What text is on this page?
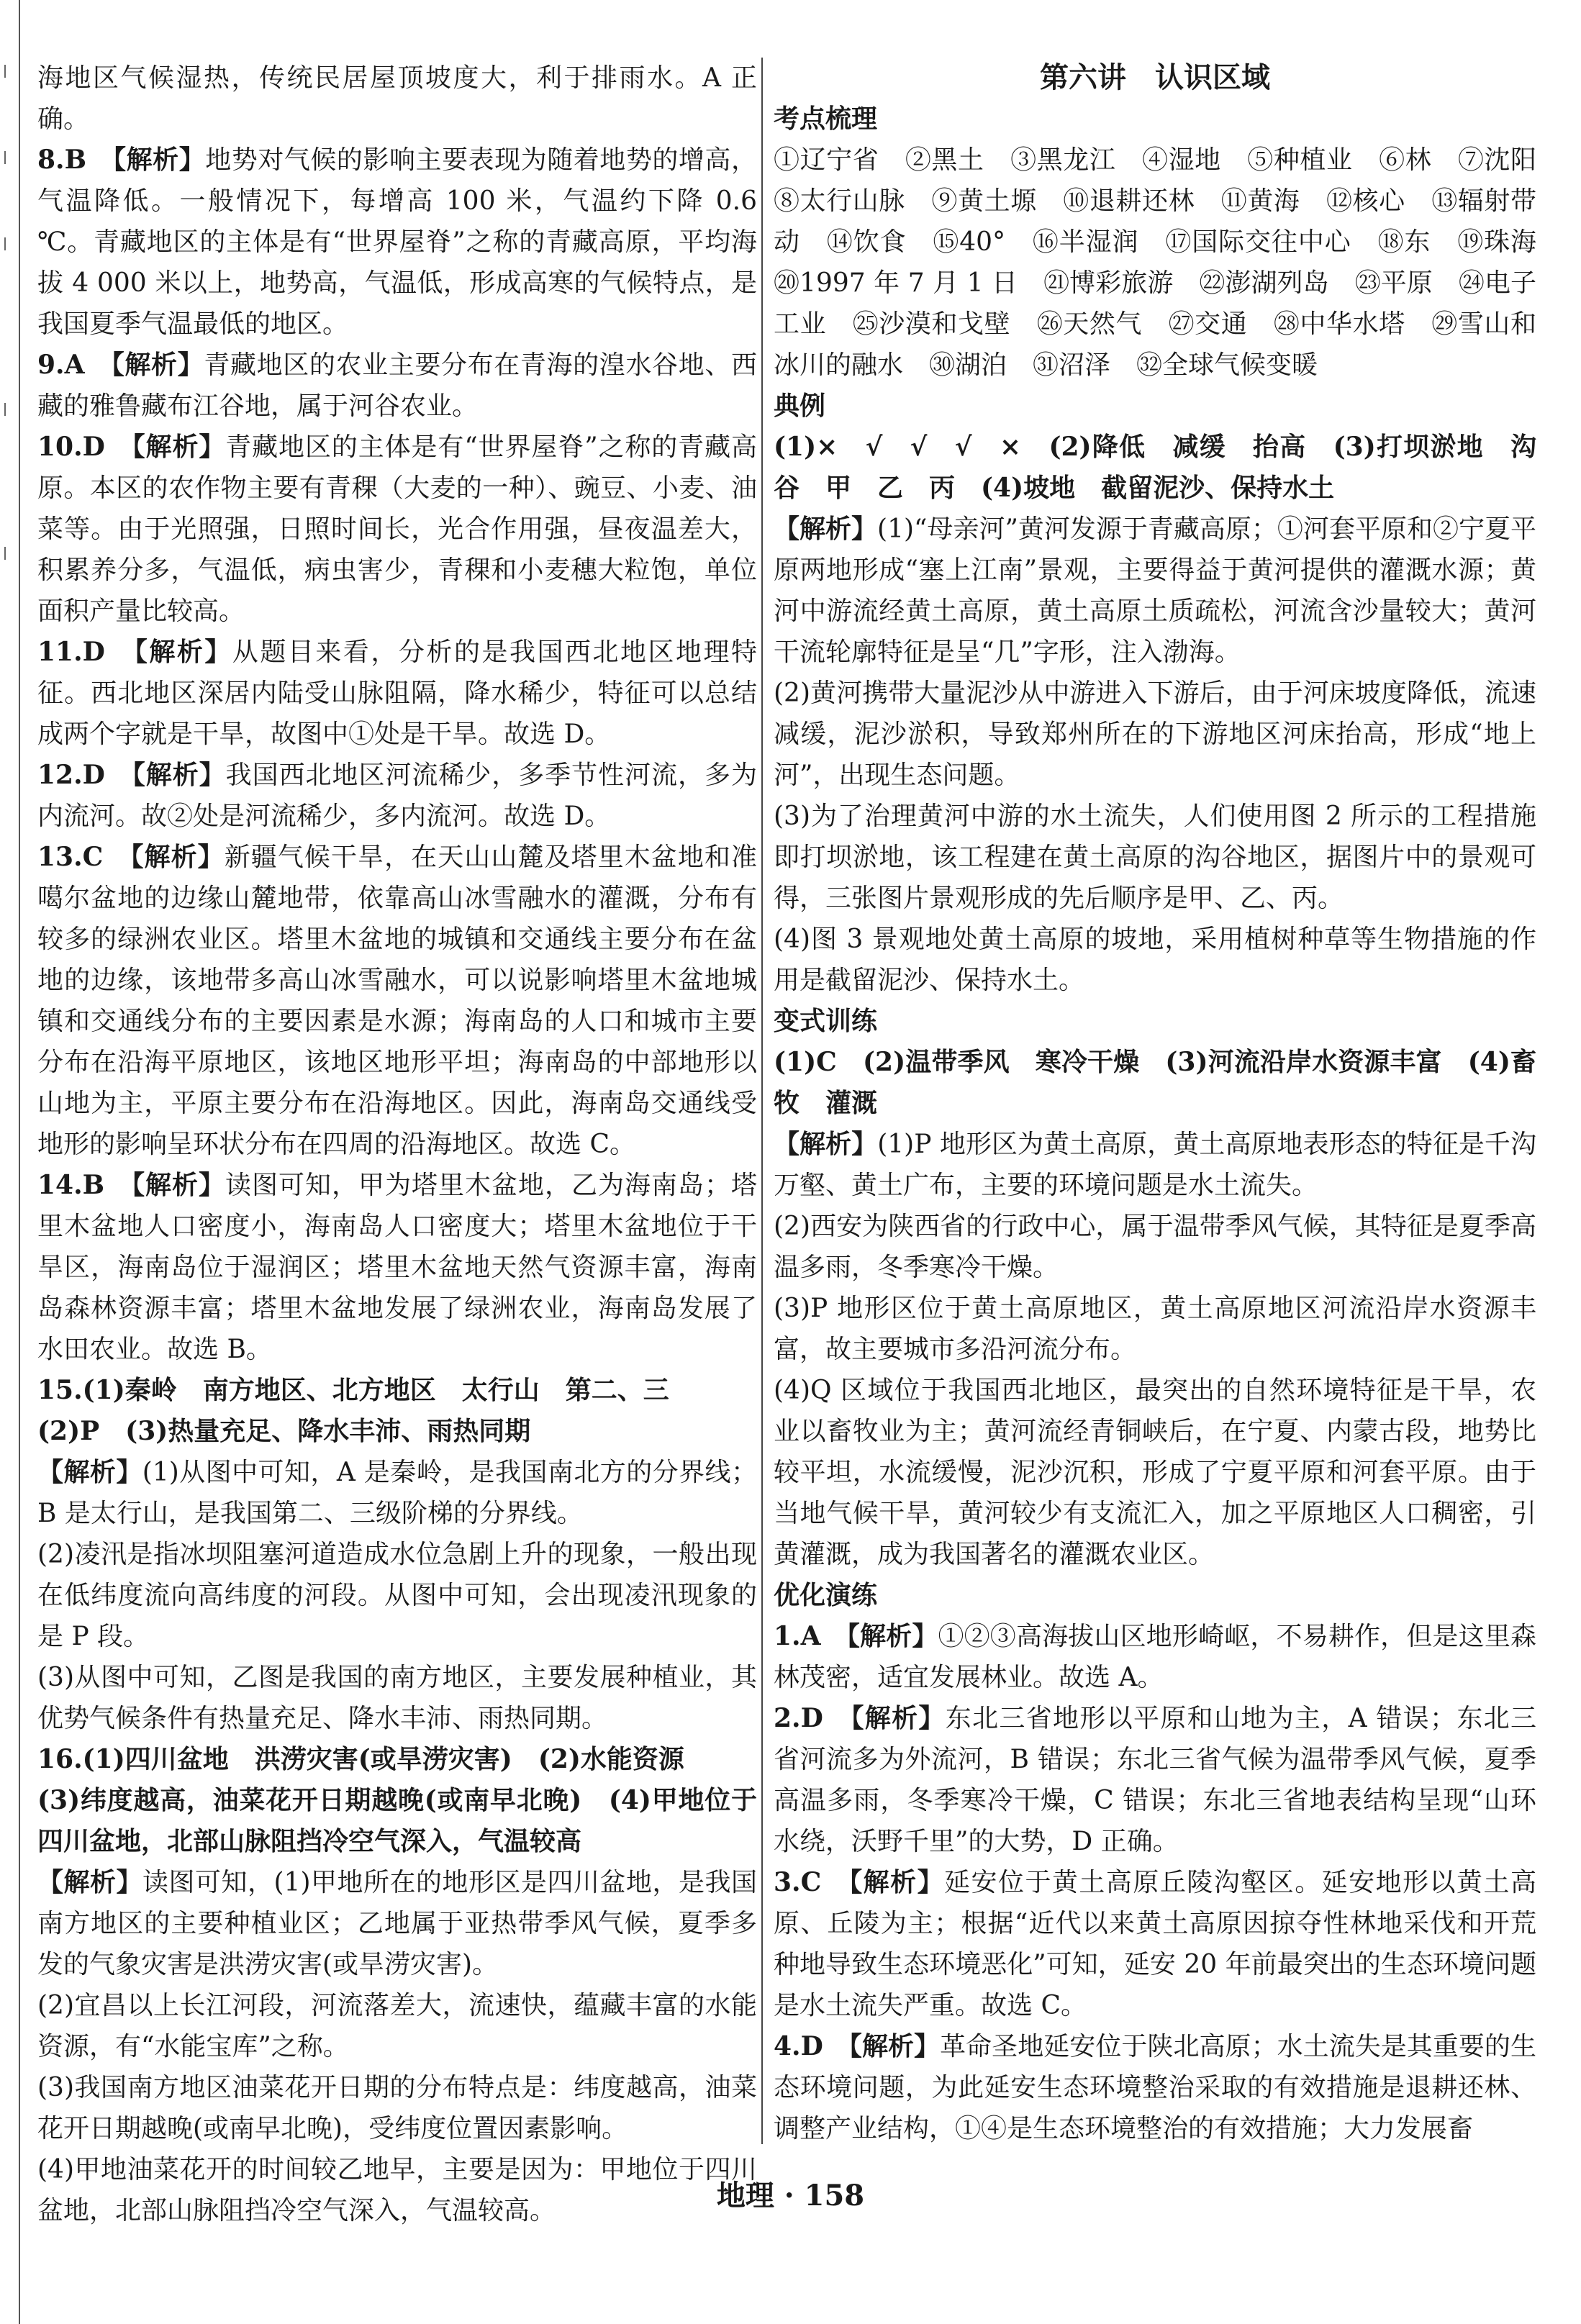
海地区气候湿热，传统民居屋顶坡度大，利于排雨水。A 正确。

8.B　 【解析】地势对气候的影响主要表现为随着地势的增高，气温降低。一般情况下，每增高 100 米，气温约下降 0.6 ℃。青藏地区的主体是有“世界屋脊”之称的青藏高原，平均海拔 4 000 米以上，地势高，气温低，形成高寒的气候特点，是我国夏季气温最低的地区。

9.A　 【解析】青藏地区的农业主要分布在青海的湟水谷地、西藏的雅鲁藏布江谷地，属于河谷农业。

10.D　 【解析】青藏地区的主体是有“世界屋脊”之称的青藏高原。本区的农作物主要有青稞（大麦的一种）、豌豆、小麦、油菜等。由于光照强，日照时间长，光合作用强，昼夜温差大，积累养分多，气温低，病虫害少，青稞和小麦穗大粒饱，单位面积产量比较高。

11.D　 【解析】从题目来看，分析的是我国西北地区地理特征。西北地区深居内陆受山脉阻隔，降水稀少，特征可以总结成两个字就是干旱，故图中①处是干旱。故选 D。

12.D　 【解析】我国西北地区河流稀少，多季节性河流，多为内流河。故②处是河流稀少，多内流河。故选 D。

13.C　 【解析】新疆气候干旱，在天山山麓及塔里木盆地和准噶尔盆地的边缘山麓地带，依靠高山冰雪融水的灌溉，分布有较多的绿洲农业区。塔里木盆地的城镇和交通线主要分布在盆地的边缘，该地带多高山冰雪融水，可以说影响塔里木盆地城镇和交通线分布的主要因素是水源；海南岛的人口和城市主要分布在沿海平原地区，该地区地形平坦；海南岛的中部地形以山地为主，平原主要分布在沿海地区。因此，海南岛交通线受地形的影响呈环状分布在四周的沿海地区。故选 C。

14.B　 【解析】读图可知，甲为塔里木盆地，乙为海南岛；塔里木盆地人口密度小，海南岛人口密度大；塔里木盆地位于干旱区，海南岛位于湿润区；塔里木盆地天然气资源丰富，海南岛森林资源丰富；塔里木盆地发展了绿洲农业，海南岛发展了水田农业。故选 B。

15.(1)秦岭　南方地区、北方地区　太行山　第二、三

(2)P　(3)热量充足、降水丰沛、雨热同期

【解析】(1)从图中可知，A 是秦岭，是我国南北方的分界线；B 是太行山，是我国第二、三级阶梯的分界线。

(2)凌汛是指冰坝阻塞河道造成水位急剧上升的现象，一般出现在低纬度流向高纬度的河段。从图中可知，会出现凌汛现象的是 P 段。

(3)从图中可知，乙图是我国的南方地区，主要发展种植业，其优势气候条件有热量充足、降水丰沛、雨热同期。

16.(1)四川盆地　洪涝灾害(或旱涝灾害)　(2)水能资源

(3)纬度越高，油菜花开日期越晚(或南早北晚)　(4)甲地位于四川盆地，北部山脉阻挡冷空气深入，气温较高

【解析】读图可知，(1)甲地所在的地形区是四川盆地，是我国南方地区的主要种植业区；乙地属于亚热带季风气候，夏季多发的气象灾害是洪涝灾害(或旱涝灾害)。

(2)宜昌以上长江河段，河流落差大，流速快，蕴藏丰富的水能资源，有“水能宝库”之称。

(3)我国南方地区油菜花开日期的分布特点是：纬度越高，油菜花开日期越晚(或南早北晚)，受纬度位置因素影响。

(4)甲地油菜花开的时间较乙地早，主要是因为：甲地位于四川盆地，北部山脉阻挡冷空气深入，气温较高。

第六讲　认识区域

考点梳理

①辽宁省　②黑土　③黑龙江　④湿地　⑤种植业　⑥林　⑦沈阳　⑧太行山脉　⑨黄土塬　⑩退耕还林　⑪黄海　⑫核心　⑬辐射带动　⑭饮食　⑮40°　⑯半湿润　⑰国际交往中心　⑱东　⑲珠海　⑳1997 年 7 月 1 日　㉑博彩旅游　㉒澎湖列岛　㉓平原　㉔电子工业　㉕沙漠和戈壁　㉖天然气　㉗交通　㉘中华水塔　㉙雪山和冰川的融水　㉚湖泊　㉛沼泽　㉜全球气候变暖

典例

(1)×　√　√　√　×　(2)降低　减缓　抬高　(3)打坝淤地　沟谷　甲　乙　丙　(4)坡地　截留泥沙、保持水土

【解析】(1)“母亲河”黄河发源于青藏高原；①河套平原和②宁夏平原两地形成“塞上江南”景观，主要得益于黄河提供的灌溉水源；黄河中游流经黄土高原，黄土高原土质疏松，河流含沙量较大；黄河干流轮廓特征是呈“几”字形，注入渤海。

(2)黄河携带大量泥沙从中游进入下游后，由于河床坡度降低，流速减缓，泥沙淤积，导致郑州所在的下游地区河床抬高，形成“地上河”，出现生态问题。

(3)为了治理黄河中游的水土流失，人们使用图 2 所示的工程措施即打坝淤地，该工程建在黄土高原的沟谷地区，据图片中的景观可得，三张图片景观形成的先后顺序是甲、乙、丙。

(4)图 3 景观地处黄土高原的坡地，采用植树种草等生物措施的作用是截留泥沙、保持水土。

变式训练

(1)C　(2)温带季风　寒冷干燥　(3)河流沿岸水资源丰富　(4)畜牧　灌溉

【解析】(1)P 地形区为黄土高原，黄土高原地表形态的特征是千沟万壑、黄土广布，主要的环境问题是水土流失。

(2)西安为陕西省的行政中心，属于温带季风气候，其特征是夏季高温多雨，冬季寒冷干燥。

(3)P 地形区位于黄土高原地区，黄土高原地区河流沿岸水资源丰富，故主要城市多沿河流分布。

(4)Q 区域位于我国西北地区，最突出的自然环境特征是干旱，农业以畜牧业为主；黄河流经青铜峡后，在宁夏、内蒙古段，地势比较平坦，水流缓慢，泥沙沉积，形成了宁夏平原和河套平原。由于当地气候干旱，黄河较少有支流汇入，加之平原地区人口稠密，引黄灌溉，成为我国著名的灌溉农业区。

优化演练

1.A　 【解析】①②③高海拔山区地形崎岖，不易耕作，但是这里森林茂密，适宜发展林业。故选 A。

2.D　 【解析】东北三省地形以平原和山地为主，A 错误；东北三省河流多为外流河，B 错误；东北三省气候为温带季风气候，夏季高温多雨，冬季寒冷干燥，C 错误；东北三省地表结构呈现“山环水绕，沃野千里”的大势，D 正确。

3.C　 【解析】延安位于黄土高原丘陵沟壑区。延安地形以黄土高原、丘陵为主；根据“近代以来黄土高原因掠夺性林地采伐和开荒种地导致生态环境恶化”可知，延安 20 年前最突出的生态环境问题是水土流失严重。故选 C。

4.D　 【解析】革命圣地延安位于陕北高原；水土流失是其重要的生态环境问题，为此延安生态环境整治采取的有效措施是退耕还林、调整产业结构，①④是生态环境整治的有效措施；大力发展畜

地理 · 158
